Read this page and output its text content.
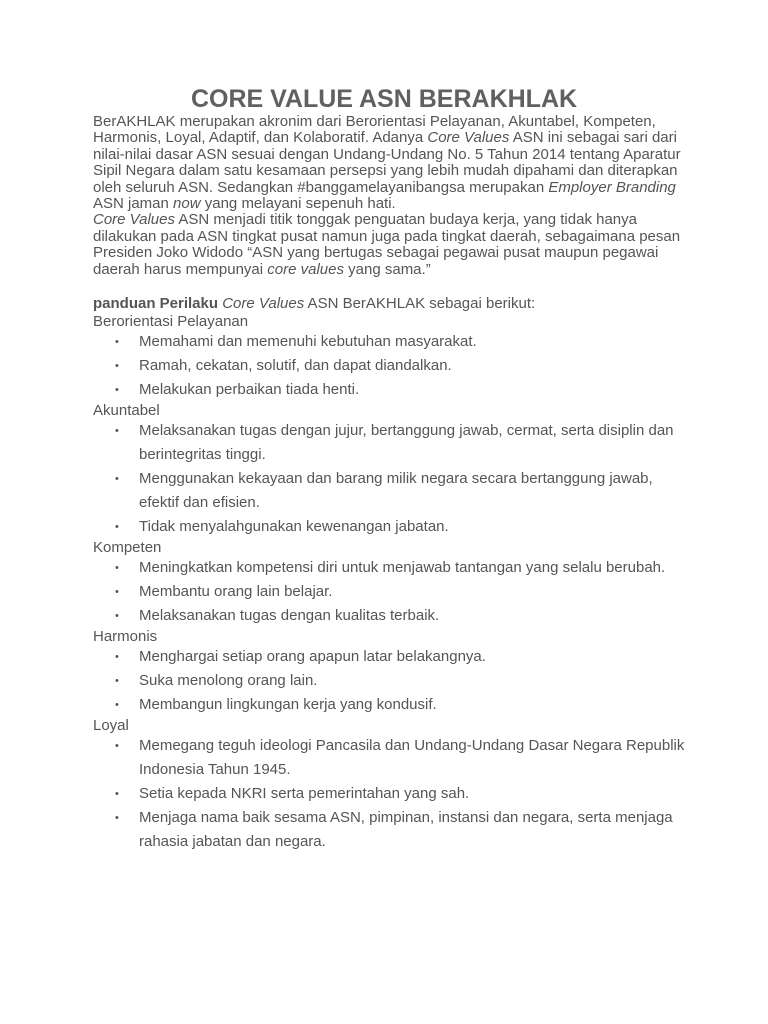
CORE VALUE ASN BERAKHLAK

BerAKHLAK merupakan akronim dari Berorientasi Pelayanan, Akuntabel, Kompeten, Harmonis, Loyal, Adaptif, dan Kolaboratif. Adanya Core Values ASN ini sebagai sari dari nilai-nilai dasar ASN sesuai dengan Undang-Undang No. 5 Tahun 2014 tentang Aparatur Sipil Negara dalam satu kesamaan persepsi yang lebih mudah dipahami dan diterapkan oleh seluruh ASN. Sedangkan #banggamelayanibangsa merupakan Employer Branding ASN jaman now yang melayani sepenuh hati.

Core Values ASN menjadi titik tonggak penguatan budaya kerja, yang tidak hanya dilakukan pada ASN tingkat pusat namun juga pada tingkat daerah, sebagaimana pesan Presiden Joko Widodo “ASN yang bertugas sebagai pegawai pusat maupun pegawai daerah harus mempunyai core values yang sama.”

panduan Perilaku Core Values ASN BerAKHLAK sebagai berikut:

Berorientasi Pelayanan

• Memahami dan memenuhi kebutuhan masyarakat.
• Ramah, cekatan, solutif, dan dapat diandalkan.
• Melakukan perbaikan tiada henti.

Akuntabel

• Melaksanakan tugas dengan jujur, bertanggung jawab, cermat, serta disiplin dan berintegritas tinggi.
• Menggunakan kekayaan dan barang milik negara secara bertanggung jawab, efektif dan efisien.
• Tidak menyalahgunakan kewenangan jabatan.

Kompeten

• Meningkatkan kompetensi diri untuk menjawab tantangan yang selalu berubah.
• Membantu orang lain belajar.
• Melaksanakan tugas dengan kualitas terbaik.

Harmonis

• Menghargai setiap orang apapun latar belakangnya.
• Suka menolong orang lain.
• Membangun lingkungan kerja yang kondusif.

Loyal

• Memegang teguh ideologi Pancasila dan Undang-Undang Dasar Negara Republik Indonesia Tahun 1945.
• Setia kepada NKRI serta pemerintahan yang sah.
• Menjaga nama baik sesama ASN, pimpinan, instansi dan negara, serta menjaga rahasia jabatan dan negara.
